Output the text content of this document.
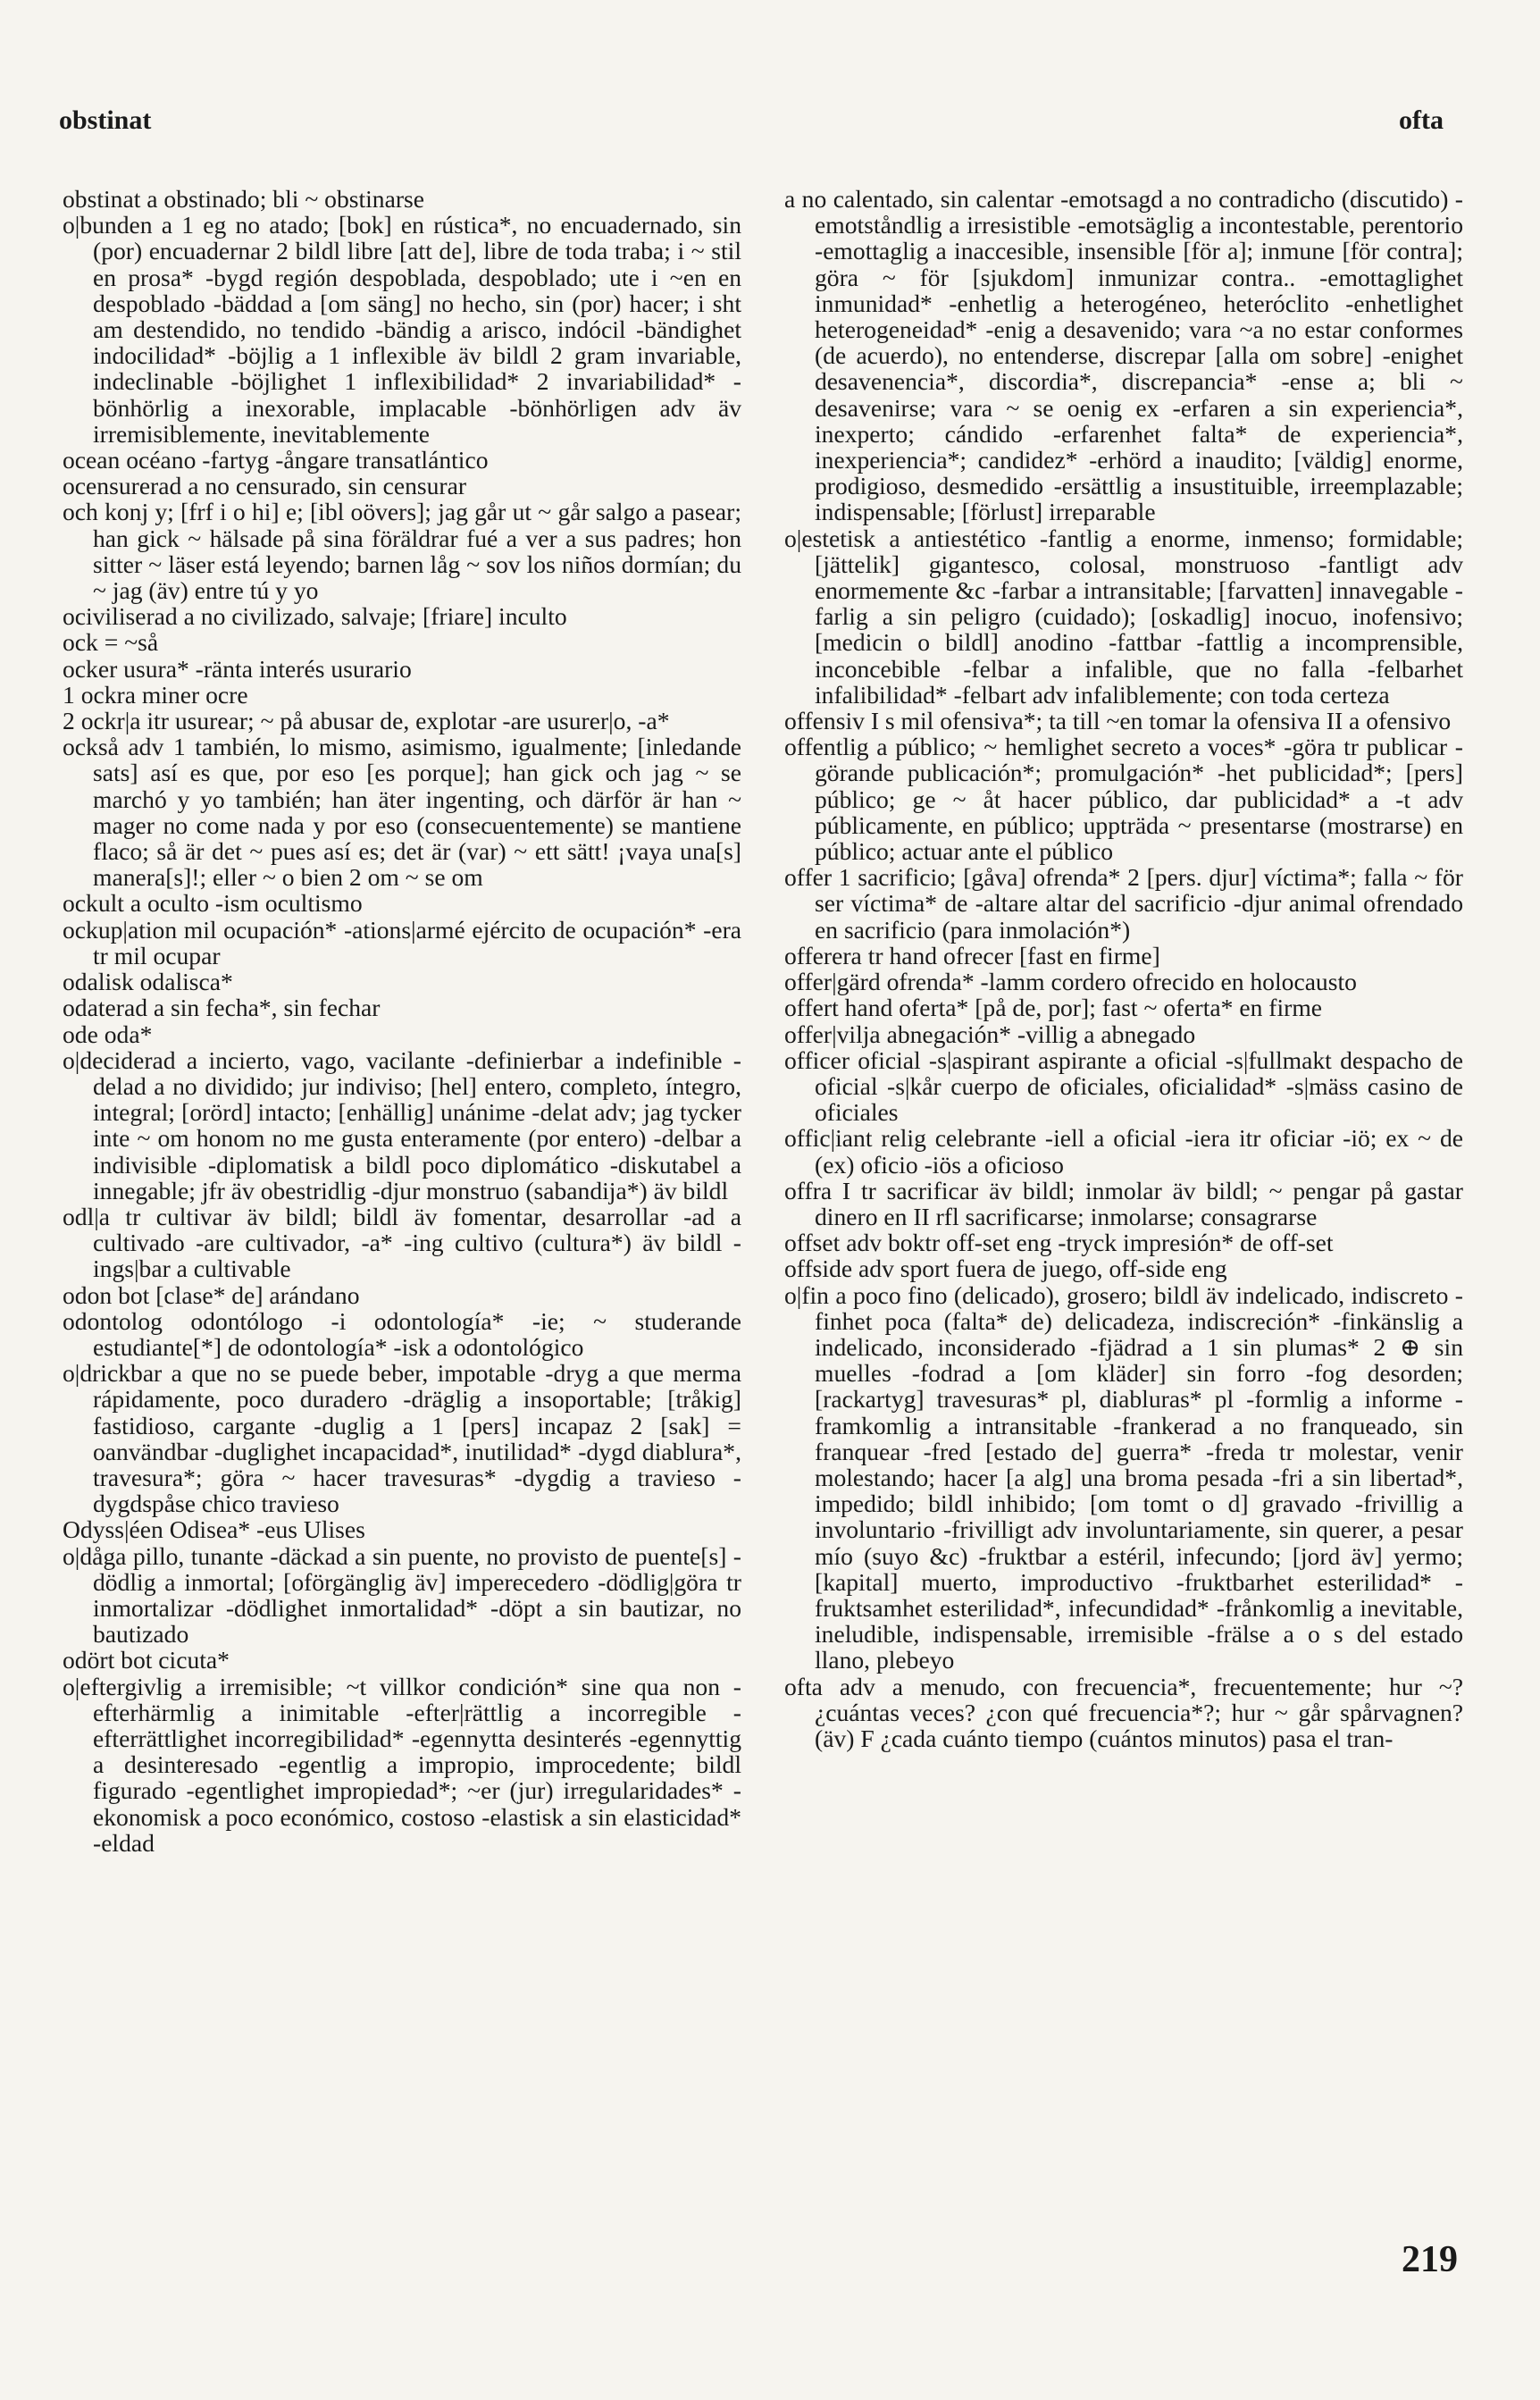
obstinat	ofta

obstinat a obstinado; bli ~ obstinarse

o|bunden a 1 eg no atado; [bok] en rústica*, no encuadernado, sin (por) encuadernar 2 bildl libre [att de], libre de toda traba; i ~ stil en prosa* -bygd región despoblada, despoblado; ute i ~en en despoblado -bäddad a [om säng] no hecho, sin (por) hacer; i sht am destendido, no tendido -bändig a arisco, indócil -bändighet indocilidad* -böjlig a 1 inflexible äv bildl 2 gram invariable, indeclinable -böjlighet 1 inflexibilidad* 2 invariabilidad* -bönhörlig a inexorable, implacable -bönhörligen adv äv irremisiblemente, inevitablemente

ocean océano -fartyg -ångare transatlántico

ocensurerad a no censurado, sin censurar

och konj y; [frf i o hi] e; [ibl oövers]; jag går ut ~ går salgo a pasear; han gick ~ hälsade på sina föräldrar fué a ver a sus padres; hon sitter ~ läser está leyendo; barnen låg ~ sov los niños dormían; du ~ jag (äv) entre tú y yo

ociviliserad a no civilizado, salvaje; [friare] inculto

ock = ~så

ocker usura* -ränta interés usurario

1 ockra miner ocre

2 ockr|a itr usurear; ~ på abusar de, explotar -are usurer|o, -a*

också adv 1 también, lo mismo, asimismo, igualmente; [inledande sats] así es que, por eso [es porque]; han gick och jag ~ se marchó y yo también; han äter ingenting, och därför är han ~ mager no come nada y por eso (consecuentemente) se mantiene flaco; så är det ~ pues así es; det är (var) ~ ett sätt! ¡vaya una[s] manera[s]!; eller ~ o bien 2 om ~ se om

ockult a oculto -ism ocultismo

ockup|ation mil ocupación* -ations|armé ejército de ocupación* -era tr mil ocupar

odalisk odalisca*

odaterad a sin fecha*, sin fechar

ode oda*

o|deciderad a incierto, vago, vacilante -definierbar a indefinible -delad a no dividido; jur indiviso; [hel] entero, completo, íntegro, integral; [orörd] intacto; [enhällig] unánime -delat adv; jag tycker inte ~ om honom no me gusta enteramente (por entero) -delbar a indivisible -diplomatisk a bildl poco diplomático -diskutabel a innegable; jfr äv obestridlig -djur monstruo (sabandija*) äv bildl

odl|a tr cultivar äv bildl; bildl äv fomentar, desarrollar -ad a cultivado -are cultivador, -a* -ing cultivo (cultura*) äv bildl -ings|bar a cultivable

odon bot [clase* de] arándano

odontolog odontólogo -i odontología* -ie; ~ studerande estudiante[*] de odontología* -isk a odontológico

o|drickbar a que no se puede beber, impotable -dryg a que merma rápidamente, poco duradero -dräglig a insoportable; [tråkig] fastidioso, cargante -duglig a 1 [pers] incapaz 2 [sak] = oanvändbar -duglighet incapacidad*, inutilidad* -dygd diablura*, travesura*; göra ~ hacer travesuras* -dygdig a travieso -dygdspåse chico travieso

Odyss|éen Odisea* -eus Ulises

o|dåga pillo, tunante -däckad a sin puente, no provisto de puente[s] -dödlig a inmortal; [oförgänglig äv] imperecedero -dödlig|göra tr inmortalizar -dödlighet inmortalidad* -döpt a sin bautizar, no bautizado

odört bot cicuta*

o|eftergivlig a irremisible; ~t villkor condición* sine qua non -efterhärmlig a inimitable -efter|rättlig a incorregible -efterrättlighet incorregibilidad* -egennytta desinterés -egennyttig a desinteresado -egentlig a impropio, improcedente; bildl figurado -egentlighet impropiedad*; ~er (jur) irregularidades* -ekonomisk a poco económico, costoso -elastisk a sin elasticidad* -eldad

a no calentado, sin calentar -emotsagd a no contradicho (discutido) -emotståndlig a irresistible -emotsäglig a incontestable, perentorio -emottaglig a inaccesible, insensible [för a]; inmune [för contra]; göra ~ för [sjukdom] inmunizar contra.. -emottaglighet inmunidad* -enhetlig a heterogéneo, heteróclito -enhetlighet heterogeneidad* -enig a desavenido; vara ~a no estar conformes (de acuerdo), no entenderse, discrepar [alla om sobre] -enighet desavenencia*, discordia*, discrepancia* -ense a; bli ~ desavenirse; vara ~ se oenig ex -erfaren a sin experiencia*, inexperto; cándido -erfarenhet falta* de experiencia*, inexperiencia*; candidez* -erhörd a inaudito; [väldig] enorme, prodigioso, desmedido -ersättlig a insustituible, irreemplazable; indispensable; [förlust] irreparable

o|estetisk a antiestético -fantlig a enorme, inmenso; formidable; [jättelik] gigantesco, colosal, monstruoso -fantligt adv enormemente &c -farbar a intransitable; [farvatten] innavegable -farlig a sin peligro (cuidado); [oskadlig] inocuo, inofensivo; [medicin o bildl] anodino -fattbar -fattlig a incomprensible, inconcebible -felbar a infalible, que no falla -felbarhet infalibilidad* -felbart adv infaliblemente; con toda certeza

offensiv I s mil ofensiva*; ta till ~en tomar la ofensiva II a ofensivo

offentlig a público; ~ hemlighet secreto a voces* -göra tr publicar -görande publicación*; promulgación* -het publicidad*; [pers] público; ge ~ åt hacer público, dar publicidad* a -t adv públicamente, en público; uppträda ~ presentarse (mostrarse) en público; actuar ante el público

offer 1 sacrificio; [gåva] ofrenda* 2 [pers. djur] víctima*; falla ~ för ser víctima* de -altare altar del sacrificio -djur animal ofrendado en sacrificio (para inmolación*)

offerera tr hand ofrecer [fast en firme]

offer|gärd ofrenda* -lamm cordero ofrecido en holocausto

offert hand oferta* [på de, por]; fast ~ oferta* en firme

offer|vilja abnegación* -villig a abnegado

officer oficial -s|aspirant aspirante a oficial -s|fullmakt despacho de oficial -s|kår cuerpo de oficiales, oficialidad* -s|mäss casino de oficiales

offic|iant relig celebrante -iell a oficial -iera itr oficiar -iö; ex ~ de (ex) oficio -iös a oficioso

offra I tr sacrificar äv bildl; inmolar äv bildl; ~ pengar på gastar dinero en II rfl sacrificarse; inmolarse; consagrarse

offset adv boktr off-set eng -tryck impresión* de off-set

offside adv sport fuera de juego, off-side eng

o|fin a poco fino (delicado), grosero; bildl äv indelicado, indiscreto -finhet poca (falta* de) delicadeza, indiscreción* -finkänslig a indelicado, inconsiderado -fjädrad a 1 sin plumas* 2 ⊕ sin muelles -fodrad a [om kläder] sin forro -fog desorden; [rackartyg] travesuras* pl, diabluras* pl -formlig a informe -framkomlig a intransitable -frankerad a no franqueado, sin franquear -fred [estado de] guerra* -freda tr molestar, venir molestando; hacer [a alg] una broma pesada -fri a sin libertad*, impedido; bildl inhibido; [om tomt o d] gravado -frivillig a involuntario -frivilligt adv involuntariamente, sin querer, a pesar mío (suyo &c) -fruktbar a estéril, infecundo; [jord äv] yermo; [kapital] muerto, improductivo -fruktbarhet esterilidad* -fruktsamhet esterilidad*, infecundidad* -frånkomlig a inevitable, ineludible, indispensable, irremisible -frälse a o s del estado llano, plebeyo

ofta adv a menudo, con frecuencia*, frecuentemente; hur ~? ¿cuántas veces? ¿con qué frecuencia*?; hur ~ går spårvagnen? (äv) F ¿cada cuánto tiempo (cuántos minutos) pasa el tran-

219
